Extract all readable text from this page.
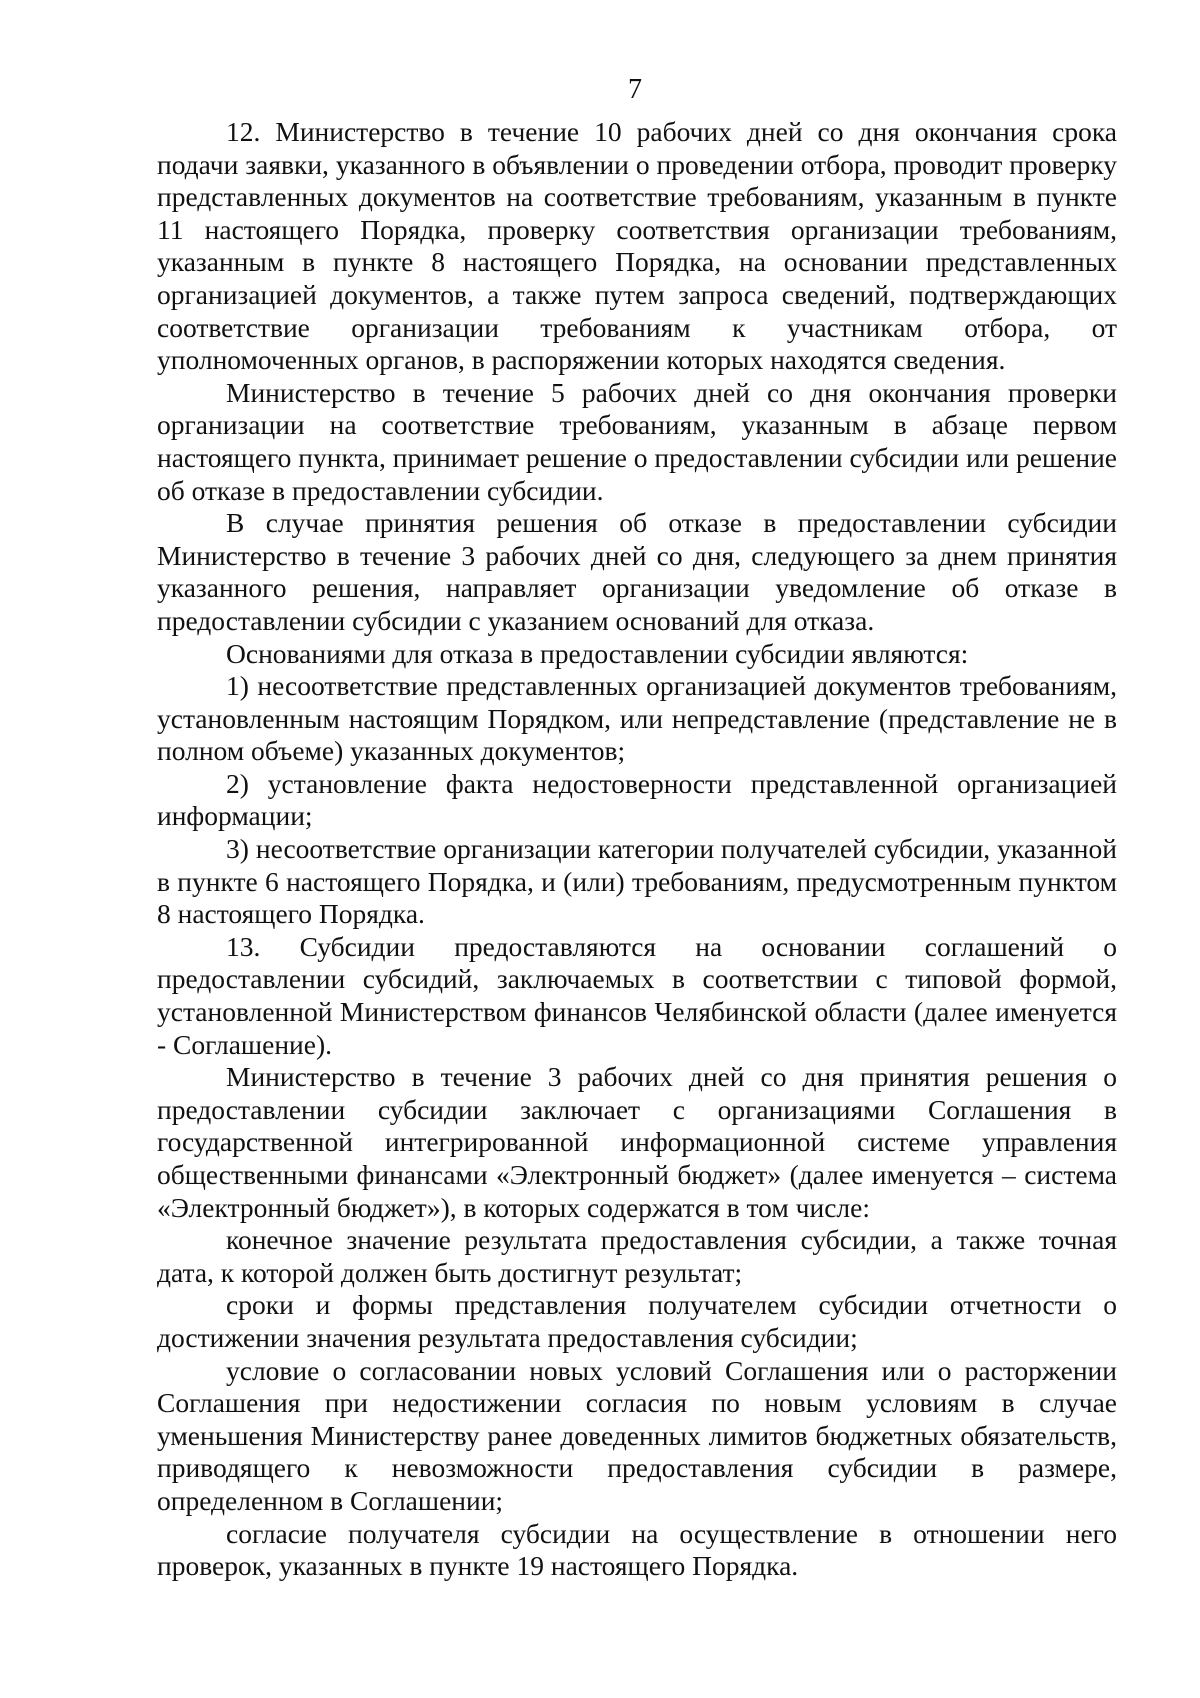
7

12. Министерство в течение 10 рабочих дней со дня окончания срока подачи заявки, указанного в объявлении о проведении отбора, проводит проверку представленных документов на соответствие требованиям, указанным в пункте 11 настоящего Порядка, проверку соответствия организации требованиям, указанным в пункте 8 настоящего Порядка, на основании представленных организацией документов, а также путем запроса сведений, подтверждающих соответствие организации требованиям к участникам отбора, от уполномоченных органов, в распоряжении которых находятся сведения.

Министерство в течение 5 рабочих дней со дня окончания проверки организации на соответствие требованиям, указанным в абзаце первом настоящего пункта, принимает решение о предоставлении субсидии или решение об отказе в предоставлении субсидии.

В случае принятия решения об отказе в предоставлении субсидии Министерство в течение 3 рабочих дней со дня, следующего за днем принятия указанного решения, направляет организации уведомление об отказе в предоставлении субсидии с указанием оснований для отказа.

Основаниями для отказа в предоставлении субсидии являются:

1) несоответствие представленных организацией документов требованиям, установленным настоящим Порядком, или непредставление (представление не в полном объеме) указанных документов;

2) установление факта недостоверности представленной организацией информации;

3) несоответствие организации категории получателей субсидии, указанной в пункте 6 настоящего Порядка, и (или) требованиям, предусмотренным пунктом 8 настоящего Порядка.

13. Субсидии предоставляются на основании соглашений о предоставлении субсидий, заключаемых в соответствии с типовой формой, установленной Министерством финансов Челябинской области (далее именуется - Соглашение).

Министерство в течение 3 рабочих дней со дня принятия решения о предоставлении субсидии заключает с организациями Соглашения в государственной интегрированной информационной системе управления общественными финансами «Электронный бюджет» (далее именуется – система «Электронный бюджет»), в которых содержатся в том числе:

конечное значение результата предоставления субсидии, а также точная дата, к которой должен быть достигнут результат;

сроки и формы представления получателем субсидии отчетности о достижении значения результата предоставления субсидии;

условие о согласовании новых условий Соглашения или о расторжении Соглашения при недостижении согласия по новым условиям в случае уменьшения Министерству ранее доведенных лимитов бюджетных обязательств, приводящего к невозможности предоставления субсидии в размере, определенном в Соглашении;

согласие получателя субсидии на осуществление в отношении него проверок, указанных в пункте 19 настоящего Порядка.
